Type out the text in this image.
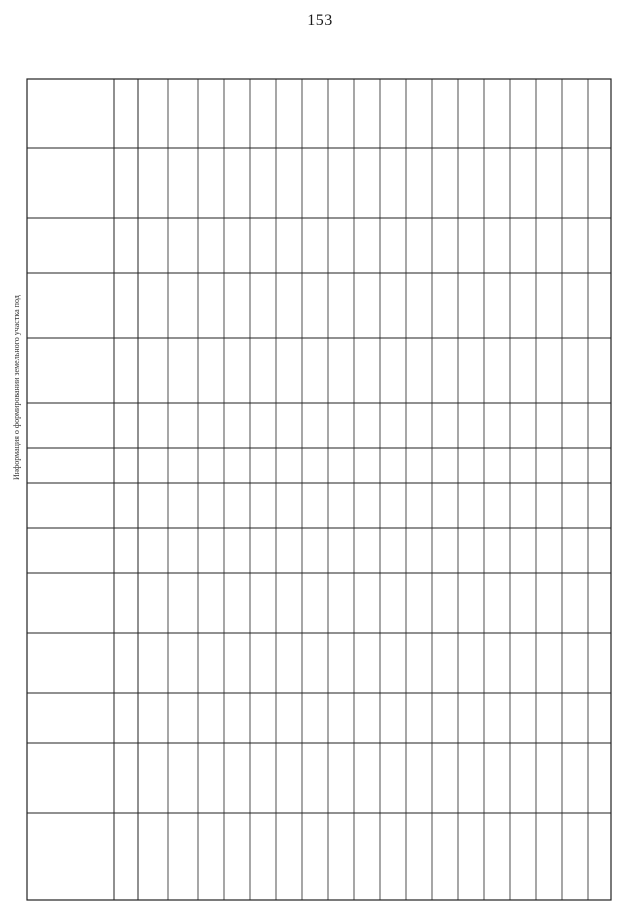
153
Информация о формировании земельного участка под
